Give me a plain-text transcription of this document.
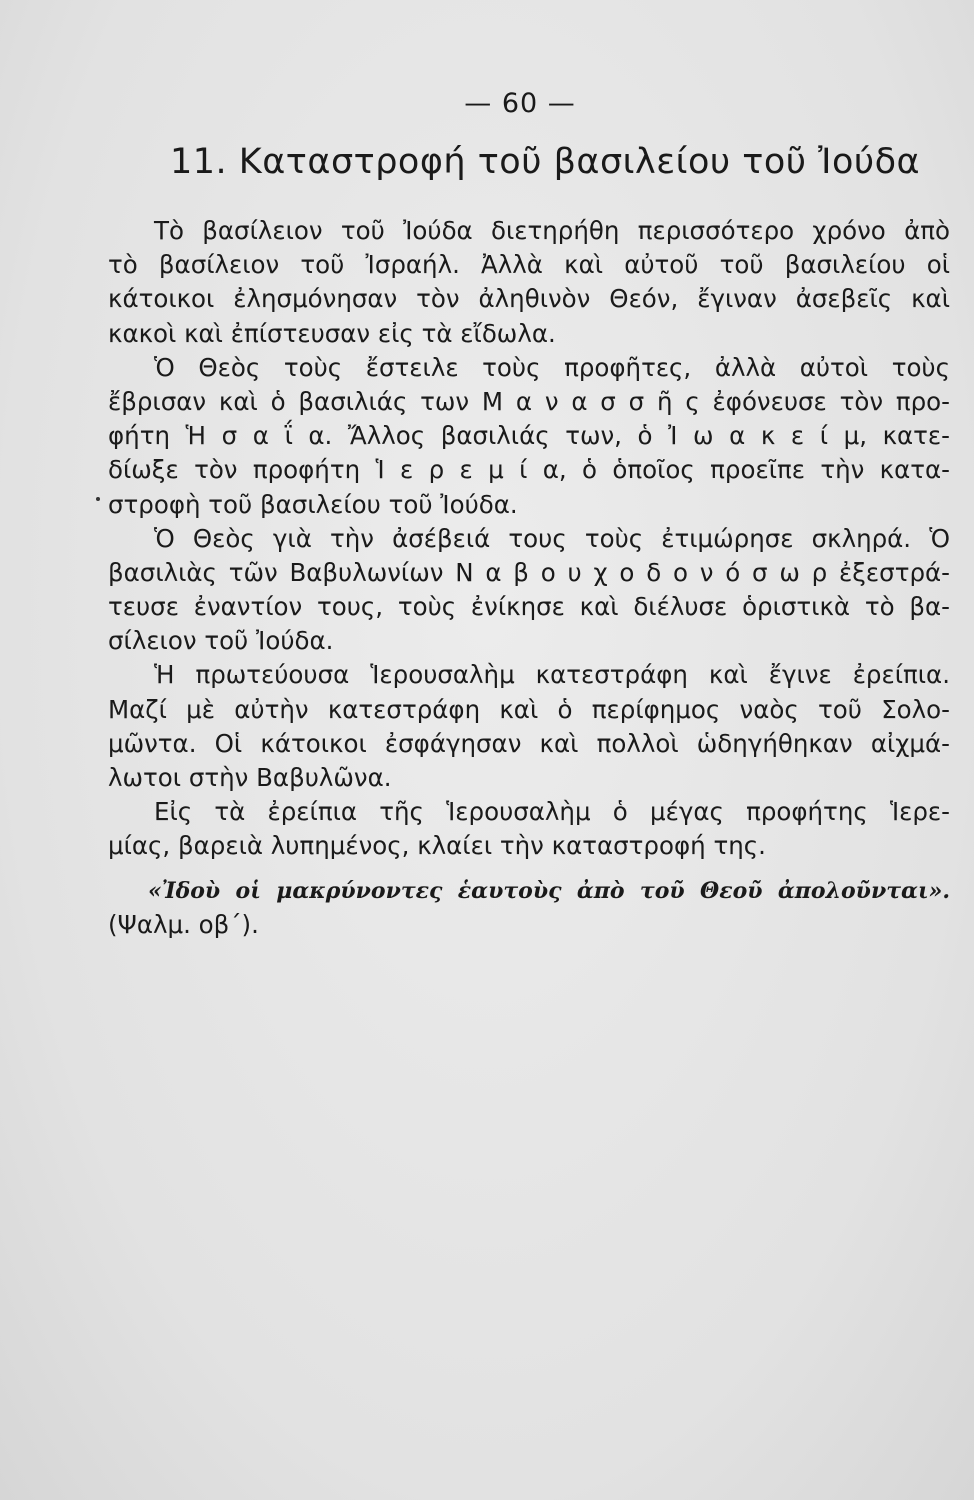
— 60 —
11. Καταστροφή τοῦ βασιλείου τοῦ Ἰούδα
Τὸ βασίλειον τοῦ Ἰούδα διετηρήθη περισσότερο χρόνο ἀπὸ
τὸ βασίλειον τοῦ Ἰσραήλ. Ἀλλὰ καὶ αὐτοῦ τοῦ βασιλείου οἱ
κάτοικοι ἐλησμόνησαν τὸν ἀληθινὸν Θεόν, ἔγιναν ἀσεβεῖς καὶ
κακοὶ καὶ ἐπίστευσαν εἰς τὰ εἴδωλα.
Ὁ Θεὸς τοὺς ἔστειλε τοὺς προφῆτες, ἀλλὰ αὐτοὶ τοὺς
ἔβρισαν καὶ ὁ βασιλιάς των Μ α ν α σ σ ῆ ς ἐφόνευσε τὸν προ-
φήτη Ἡ σ α ΐ α. Ἄλλος βασιλιάς των, ὁ Ἰ ω α κ ε ί μ, κατε-
δίωξε τὸν προφήτη Ἱ ε ρ ε μ ί α, ὁ ὁποῖος προεῖπε τὴν κατα-
στροφὴ τοῦ βασιλείου τοῦ Ἰούδα.
Ὁ Θεὸς γιὰ τὴν ἀσέβειά τους τοὺς ἐτιμώρησε σκληρά. Ὁ
βασιλιὰς τῶν Βαβυλωνίων Ν α β ο υ χ ο δ ο ν ό σ ω ρ ἐξεστρά-
τευσε ἐναντίον τους, τοὺς ἐνίκησε καὶ διέλυσε ὁριστικὰ τὸ βα-
σίλειον τοῦ Ἰούδα.
Ἡ πρωτεύουσα Ἱερουσαλὴμ κατεστράφη καὶ ἔγινε ἐρείπια.
Μαζί μὲ αὐτὴν κατεστράφη καὶ ὁ περίφημος ναὸς τοῦ Σολο-
μῶντα. Οἱ κάτοικοι ἐσφάγησαν καὶ πολλοὶ ὡδηγήθηκαν αἰχμά-
λωτοι στὴν Βαβυλῶνα.
Εἰς τὰ ἐρείπια τῆς Ἱερουσαλὴμ ὁ μέγας προφήτης Ἱερε-
μίας, βαρειὰ λυπημένος, κλαίει τὴν καταστροφή της.
«Ἰδοὺ οἱ μακρύνοντες ἑαυτοὺς ἀπὸ τοῦ Θεοῦ ἀπολοῦνται».
(Ψαλμ. οβ΄).
